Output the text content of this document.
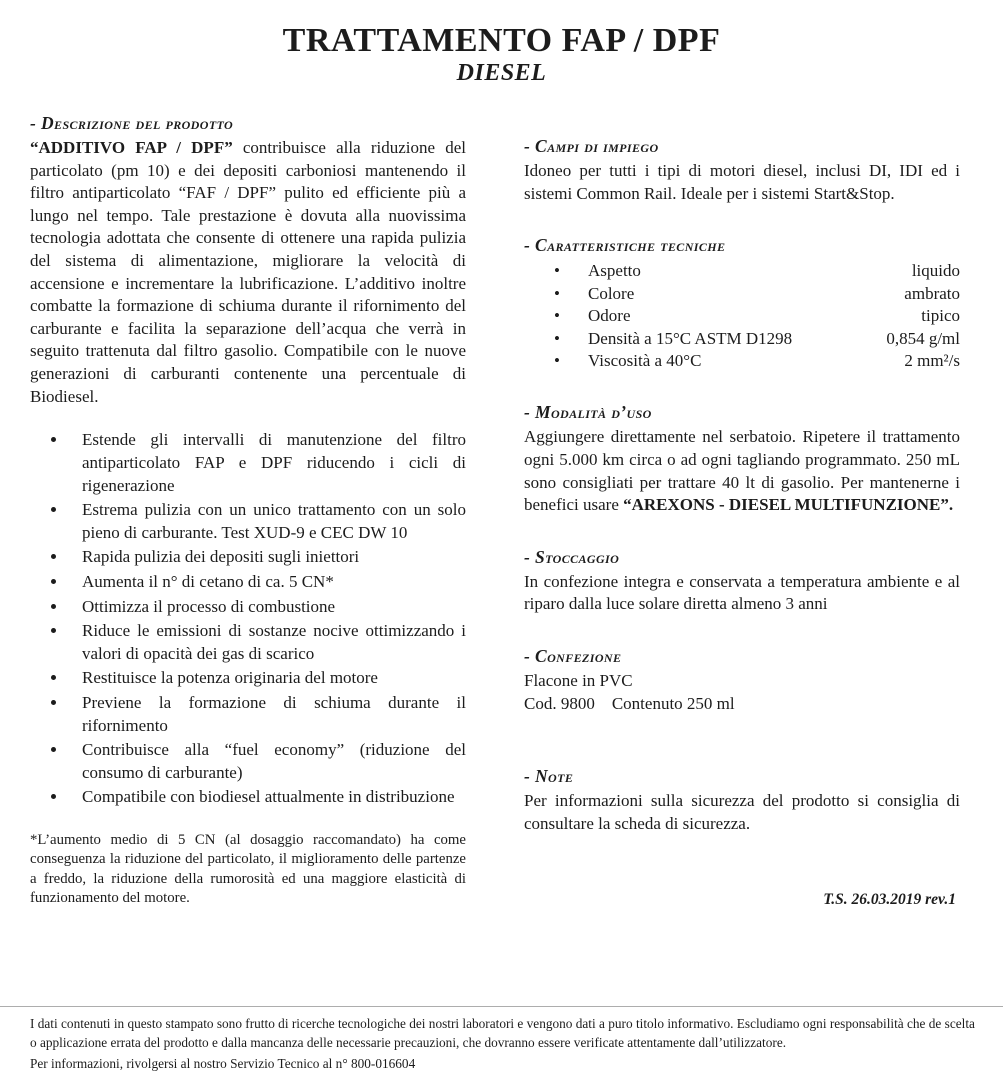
TRATTAMENTO FAP / DPF
DIESEL
- Descrizione del prodotto

“ADDITIVO FAP / DPF” contribuisce alla riduzione del particolato (pm 10) e dei depositi carboniosi mantenendo il filtro antiparticolato “FAF / DPF” pulito ed efficiente più a lungo nel tempo. Tale prestazione è dovuta alla nuovissima tecnologia adottata che consente di ottenere una rapida pulizia del sistema di alimentazione, migliorare la velocità di accensione e incrementare la lubrificazione. L’additivo inoltre combatte la formazione di schiuma durante il rifornimento del carburante e facilita la separazione dell’acqua che verrà in seguito trattenuta dal filtro gasolio. Compatibile con le nuove generazioni di carburanti contenente una percentuale di Biodiesel.

• Estende gli intervalli di manutenzione del filtro antiparticolato FAP e DPF riducendo i cicli di rigenerazione
• Estrema pulizia con un unico trattamento con un solo pieno di carburante. Test XUD-9 e CEC DW 10
• Rapida pulizia dei depositi sugli iniettori
• Aumenta il n° di cetano di ca. 5 CN*
• Ottimizza il processo di combustione
• Riduce le emissioni di sostanze nocive ottimizzando i valori di opacità dei gas di scarico
• Restituisce la potenza originaria del motore
• Previene la formazione di schiuma durante il rifornimento
• Contribuisce alla “fuel economy” (riduzione del consumo di carburante)
• Compatibile con biodiesel attualmente in distribuzione

*L’aumento medio di 5 CN (al dosaggio raccomandato) ha come conseguenza la riduzione del particolato, il miglioramento delle partenze a freddo, la riduzione della rumorosità ed una maggiore elasticità di funzionamento del motore.

- Campi di impiego

Idoneo per tutti i tipi di motori diesel, inclusi DI, IDI ed i sistemi Common Rail. Ideale per i sistemi Start&Stop.

- Caratteristiche tecniche
•	Aspetto	liquido
•	Colore	ambrato
•	Odore	tipico
•	Densità a 15°C ASTM D1298	0,854 g/ml
•	Viscosità a 40°C	2 mm²/s
- Modalità d’uso

Aggiungere direttamente nel serbatoio. Ripetere il trattamento ogni 5.000 km circa o ad ogni tagliando programmato. 250 mL sono consigliati per trattare 40 lt di gasolio. Per mantenerne i benefici usare “AREXONS - DIESEL MULTIFUNZIONE”.

- Stoccaggio

In confezione integra e conservata a temperatura ambiente e al riparo dalla luce solare diretta almeno 3 anni

- Confezione

Flacone in PVC

Cod. 9800    Contenuto 250 ml

- Note

Per informazioni sulla sicurezza del prodotto si consiglia di consultare la scheda di sicurezza.

T.S. 26.03.2019 rev.1

I dati contenuti in questo stampato sono frutto di ricerche tecnologiche dei nostri laboratori e vengono dati a puro titolo informativo. Escludiamo ogni responsabilità che de scelta o applicazione errata del prodotto e dalla mancanza delle necessarie precauzioni, che dovranno essere verificate attentamente dall’utilizzatore.

Per informazioni, rivolgersi al nostro Servizio Tecnico al n° 800-016604
